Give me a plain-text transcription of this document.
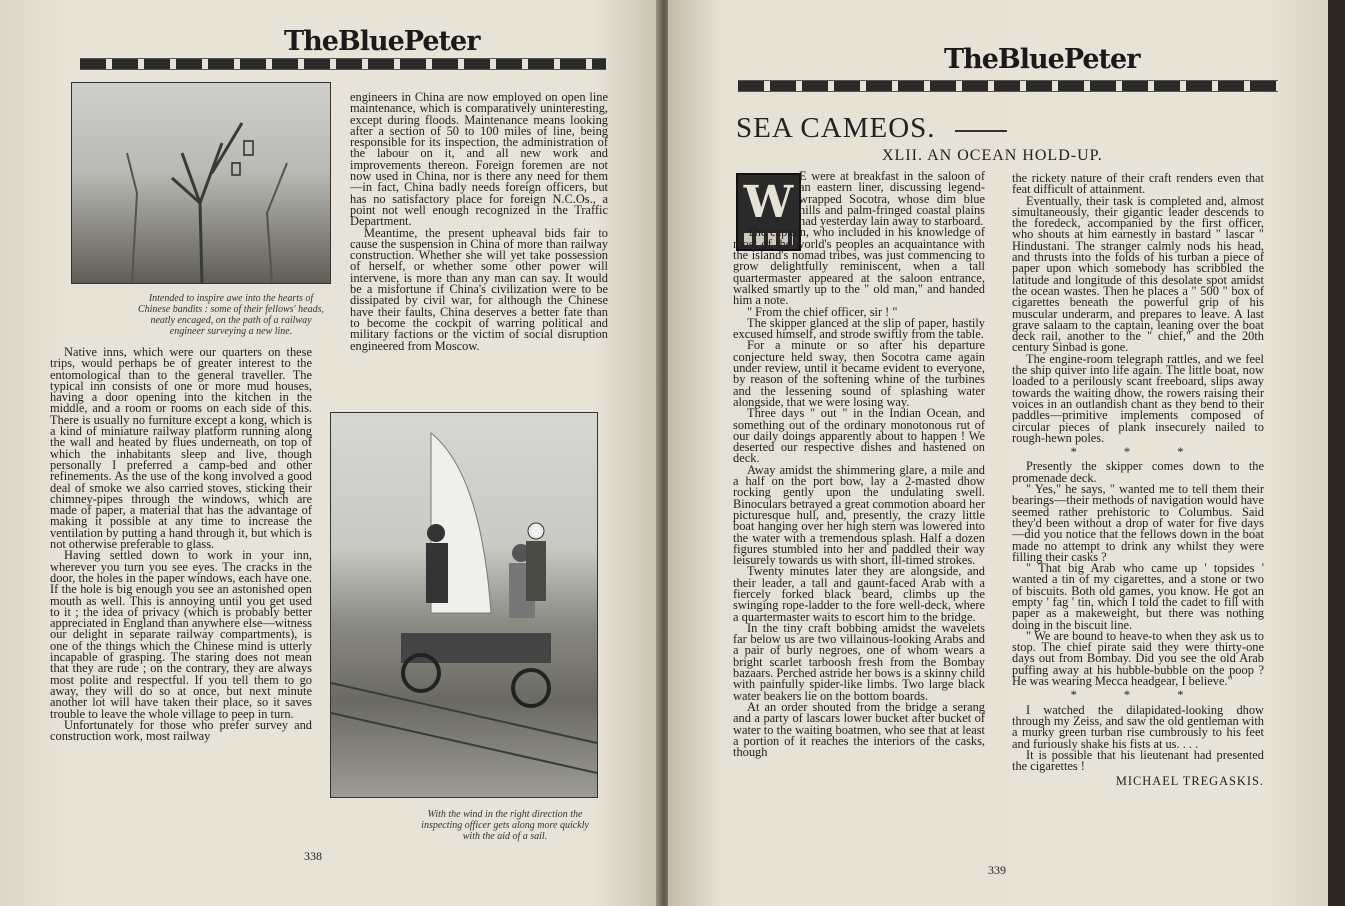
TheBluePeter
Intended to inspire awe into the hearts of Chinese bandits : some of their fellows' heads, neatly encaged, on the path of a railway engineer surveying a new line.

Native inns, which were our quarters on these trips, would perhaps be of greater interest to the entomological than to the general traveller. The typical inn consists of one or more mud houses, having a door opening into the kitchen in the middle, and a room or rooms on each side of this. There is usually no furniture except a kong, which is a kind of miniature railway platform running along the wall and heated by flues underneath, on top of which the inhabitants sleep and live, though personally I preferred a camp-bed and other refinements. As the use of the kong involved a good deal of smoke we also carried stoves, sticking their chimney-pipes through the windows, which are made of paper, a material that has the advantage of making it possible at any time to increase the ventilation by putting a hand through it, but which is not otherwise preferable to glass.

Having settled down to work in your inn, wherever you turn you see eyes. The cracks in the door, the holes in the paper windows, each have one. If the hole is big enough you see an astonished open mouth as well. This is annoying until you get used to it ; the idea of privacy (which is probably better appreciated in England than anywhere else—witness our delight in separate railway compartments), is one of the things which the Chinese mind is utterly incapable of grasping. The staring does not mean that they are rude ; on the contrary, they are always most polite and respectful. If you tell them to go away, they will do so at once, but next minute another lot will have taken their place, so it saves trouble to leave the whole village to peep in turn.

Unfortunately for those who prefer survey and construction work, most railway

engineers in China are now employed on open line maintenance, which is comparatively uninteresting, except during floods. Maintenance means looking after a section of 50 to 100 miles of line, being responsible for its inspection, the administration of the labour on it, and all new work and improvements thereon. Foreign foremen are not now used in China, nor is there any need for them—in fact, China badly needs foreign officers, but has no satisfactory place for foreign N.C.Os., a point not well enough recognized in the Traffic Department.

Meantime, the present upheaval bids fair to cause the suspension in China of more than railway construction. Whether she will yet take possession of herself, or whether some other power will intervene, is more than any man can say. It would be a misfortune if China's civilization were to be dissipated by civil war, for although the Chinese have their faults, China deserves a better fate than to become the cockpit of warring political and military factions or the victim of social disruption engineered from Moscow.

With the wind in the right direction the inspecting officer gets along more quickly with the aid of a sail.
338
TheBluePeter
SEA CAMEOS.
XLII. AN OCEAN HOLD-UP.
W

E were at breakfast in the saloon of an eastern liner, discussing legend-wrapped Socotra, whose dim blue hills and palm-fringed coastal plains had yesterday lain away to starboard.

The captain, who included in his knowledge of most of the world's peoples an acquaintance with the island's nomad tribes, was just commencing to grow delightfully reminiscent, when a tall quartermaster appeared at the saloon entrance, walked smartly up to the " old man," and handed him a note.

" From the chief officer, sir ! "

The skipper glanced at the slip of paper, hastily excused himself, and strode swiftly from the table.

For a minute or so after his departure conjecture held sway, then Socotra came again under review, until it became evident to everyone, by reason of the softening whine of the turbines and the lessening sound of splashing water alongside, that we were losing way.

Three days " out " in the Indian Ocean, and something out of the ordinary monotonous rut of our daily doings apparently about to happen ! We deserted our respective dishes and hastened on deck.

Away amidst the shimmering glare, a mile and a half on the port bow, lay a 2-masted dhow rocking gently upon the undulating swell. Binoculars betrayed a great commotion aboard her picturesque hull, and, presently, the crazy little boat hanging over her high stern was lowered into the water with a tremendous splash. Half a dozen figures stumbled into her and paddled their way leisurely towards us with short, ill-timed strokes.

Twenty minutes later they are alongside, and their leader, a tall and gaunt-faced Arab with a fiercely forked black beard, climbs up the swinging rope-ladder to the fore well-deck, where a quartermaster waits to escort him to the bridge.

In the tiny craft bobbing amidst the wavelets far below us are two villainous-looking Arabs and a pair of burly negroes, one of whom wears a bright scarlet tarboosh fresh from the Bombay bazaars. Perched astride her bows is a skinny child with painfully spider-like limbs. Two large black water beakers lie on the bottom boards.

At an order shouted from the bridge a serang and a party of lascars lower bucket after bucket of water to the waiting boatmen, who see that at least a portion of it reaches the interiors of the casks, though

the rickety nature of their craft renders even that feat difficult of attainment.

Eventually, their task is completed and, almost simultaneously, their gigantic leader descends to the foredeck, accompanied by the first officer, who shouts at him earnestly in bastard " lascar " Hindustani. The stranger calmly nods his head, and thrusts into the folds of his turban a piece of paper upon which somebody has scribbled the latitude and longitude of this desolate spot amidst the ocean wastes. Then he places a " 500 " box of cigarettes beneath the powerful grip of his muscular underarm, and prepares to leave. A last grave salaam to the captain, leaning over the boat deck rail, another to the " chief," and the 20th century Sinbad is gone.

The engine-room telegraph rattles, and we feel the ship quiver into life again. The little boat, now loaded to a perilously scant freeboard, slips away towards the waiting dhow, the rowers raising their voices in an outlandish chant as they bend to their paddles—primitive implements composed of circular pieces of plank insecurely nailed to rough-hewn poles.

* * *

Presently the skipper comes down to the promenade deck.

" Yes," he says, " wanted me to tell them their bearings—their methods of navigation would have seemed rather prehistoric to Columbus. Said they'd been without a drop of water for five days—did you notice that the fellows down in the boat made no attempt to drink any whilst they were filling their casks ?

" That big Arab who came up ' topsides ' wanted a tin of my cigarettes, and a stone or two of biscuits. Both old games, you know. He got an empty ' fag ' tin, which I told the cadet to fill with paper as a makeweight, but there was nothing doing in the biscuit line.

" We are bound to heave-to when they ask us to stop. The chief pirate said they were thirty-one days out from Bombay. Did you see the old Arab puffing away at his hubble-bubble on the poop ? He was wearing Mecca headgear, I believe."

* * *

I watched the dilapidated-looking dhow through my Zeiss, and saw the old gentleman with a murky green turban rise cumbrously to his feet and furiously shake his fists at us. . . .

It is possible that his lieutenant had presented the cigarettes !

MICHAEL TREGASKIS.

339
